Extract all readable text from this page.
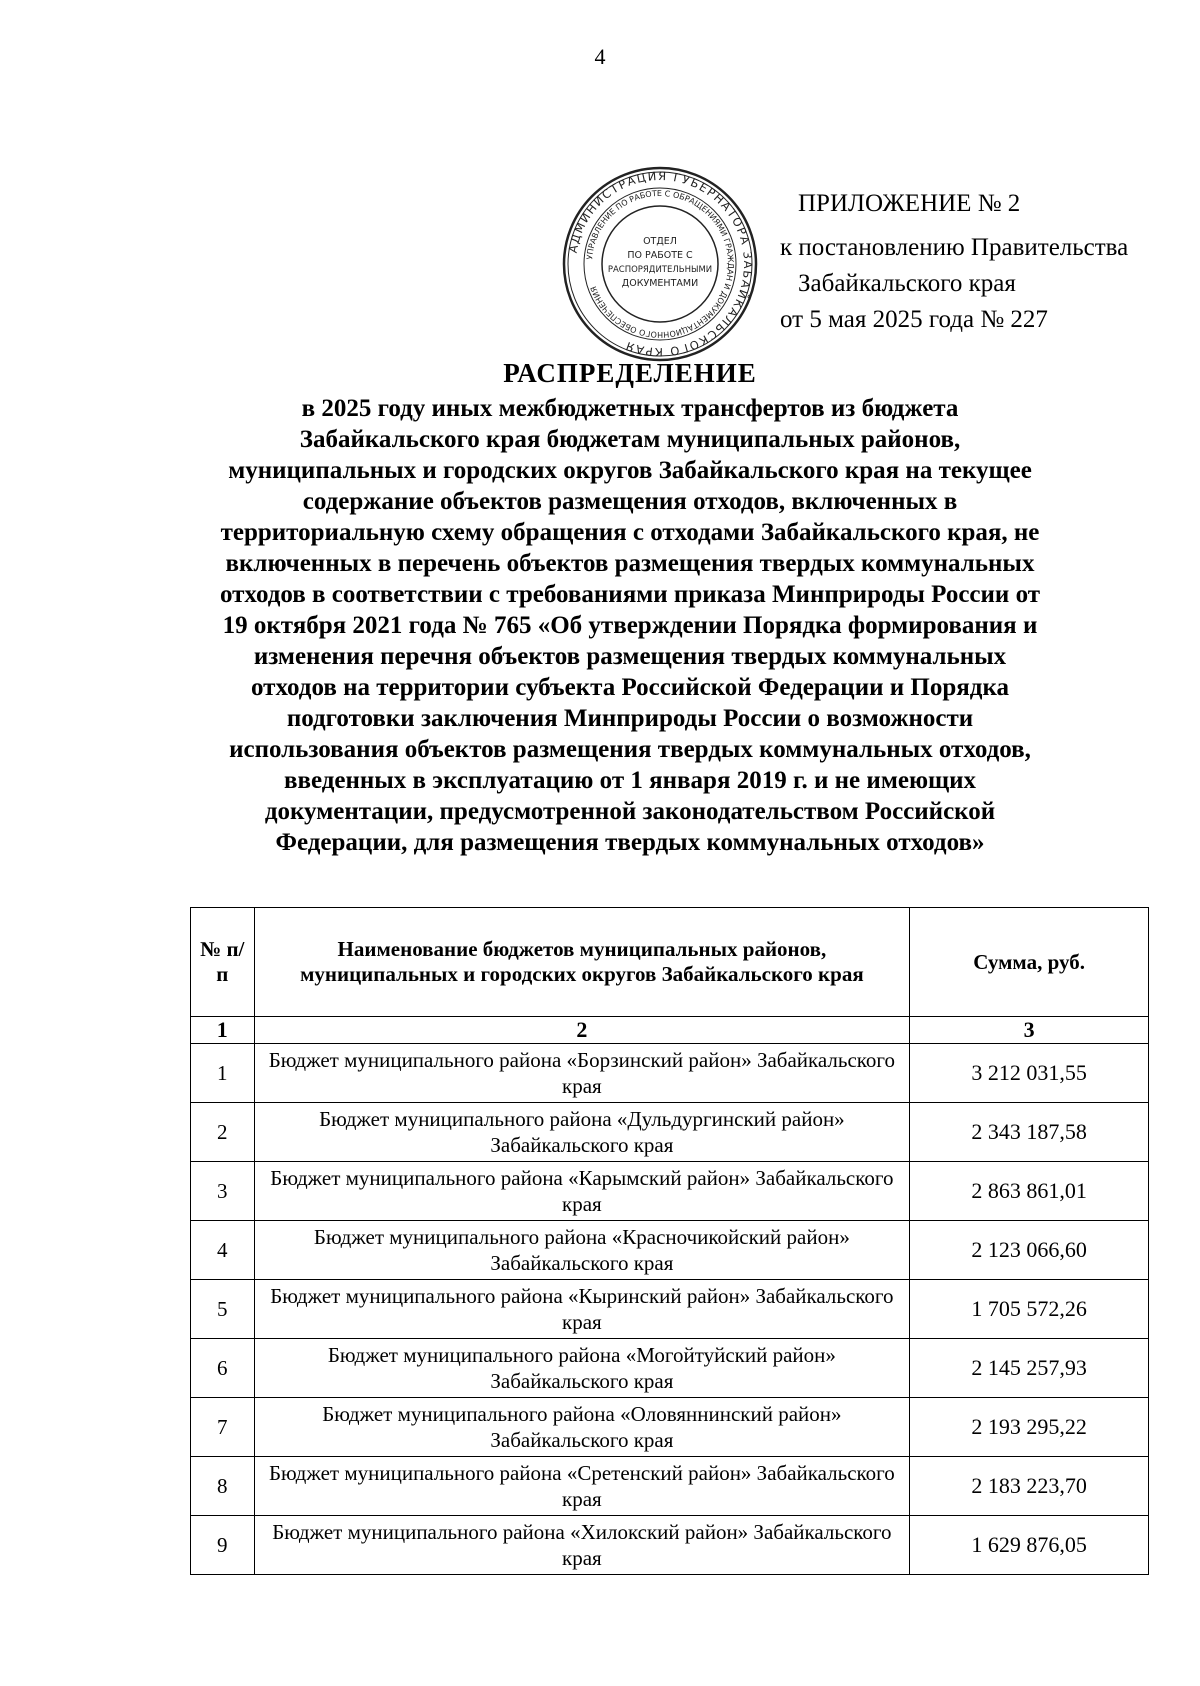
4
ПРИЛОЖЕНИЕ № 2
к постановлению Правительства
Забайкальского края
от 5 мая 2025 года № 227
АДМИНИСТРАЦИЯ ГУБЕРНАТОРА ЗАБАЙКАЛЬСКОГО КРАЯ
УПРАВЛЕНИЕ ПО РАБОТЕ С ОБРАЩЕНИЯМИ ГРАЖДАН И ДОКУМЕНТАЦИОННОГО ОБЕСПЕЧЕНИЯ
ОТДЕЛ
ПО РАБОТЕ С
РАСПОРЯДИТЕЛЬНЫМИ
ДОКУМЕНТАМИ
РАСПРЕДЕЛЕНИЕ
в 2025 году иных межбюджетных трансфертов из бюджета
Забайкальского края бюджетам муниципальных районов,
муниципальных и городских округов Забайкальского края на текущее
содержание объектов размещения отходов, включенных в
территориальную схему обращения с отходами Забайкальского края, не
включенных в перечень объектов размещения твердых коммунальных
отходов в соответствии с требованиями приказа Минприроды России от
19 октября 2021 года № 765 «Об утверждении Порядка формирования и
изменения перечня объектов размещения твердых коммунальных
отходов на территории субъекта Российской Федерации и Порядка
подготовки заключения Минприроды России о возможности
использования объектов размещения твердых коммунальных отходов,
введенных в эксплуатацию от 1 января 2019 г. и не имеющих
документации, предусмотренной законодательством Российской
Федерации, для размещения твердых коммунальных отходов»
№ п/п	Наименование бюджетов муниципальных районов, муниципальных и городских округов Забайкальского края	Сумма, руб.
1	2	3
1	Бюджет муниципального района «Борзинский район» Забайкальского края	3 212 031,55
2	Бюджет муниципального района «Дульдургинский район» Забайкальского края	2 343 187,58
3	Бюджет муниципального района «Карымский район» Забайкальского края	2 863 861,01
4	Бюджет муниципального района «Красночикойский район» Забайкальского края	2 123 066,60
5	Бюджет муниципального района «Кыринский район» Забайкальского края	1 705 572,26
6	Бюджет муниципального района «Могойтуйский район» Забайкальского края	2 145 257,93
7	Бюджет муниципального района «Оловяннинский район» Забайкальского края	2 193 295,22
8	Бюджет муниципального района «Сретенский район» Забайкальского края	2 183 223,70
9	Бюджет муниципального района «Хилокский район» Забайкальского края	1 629 876,05
